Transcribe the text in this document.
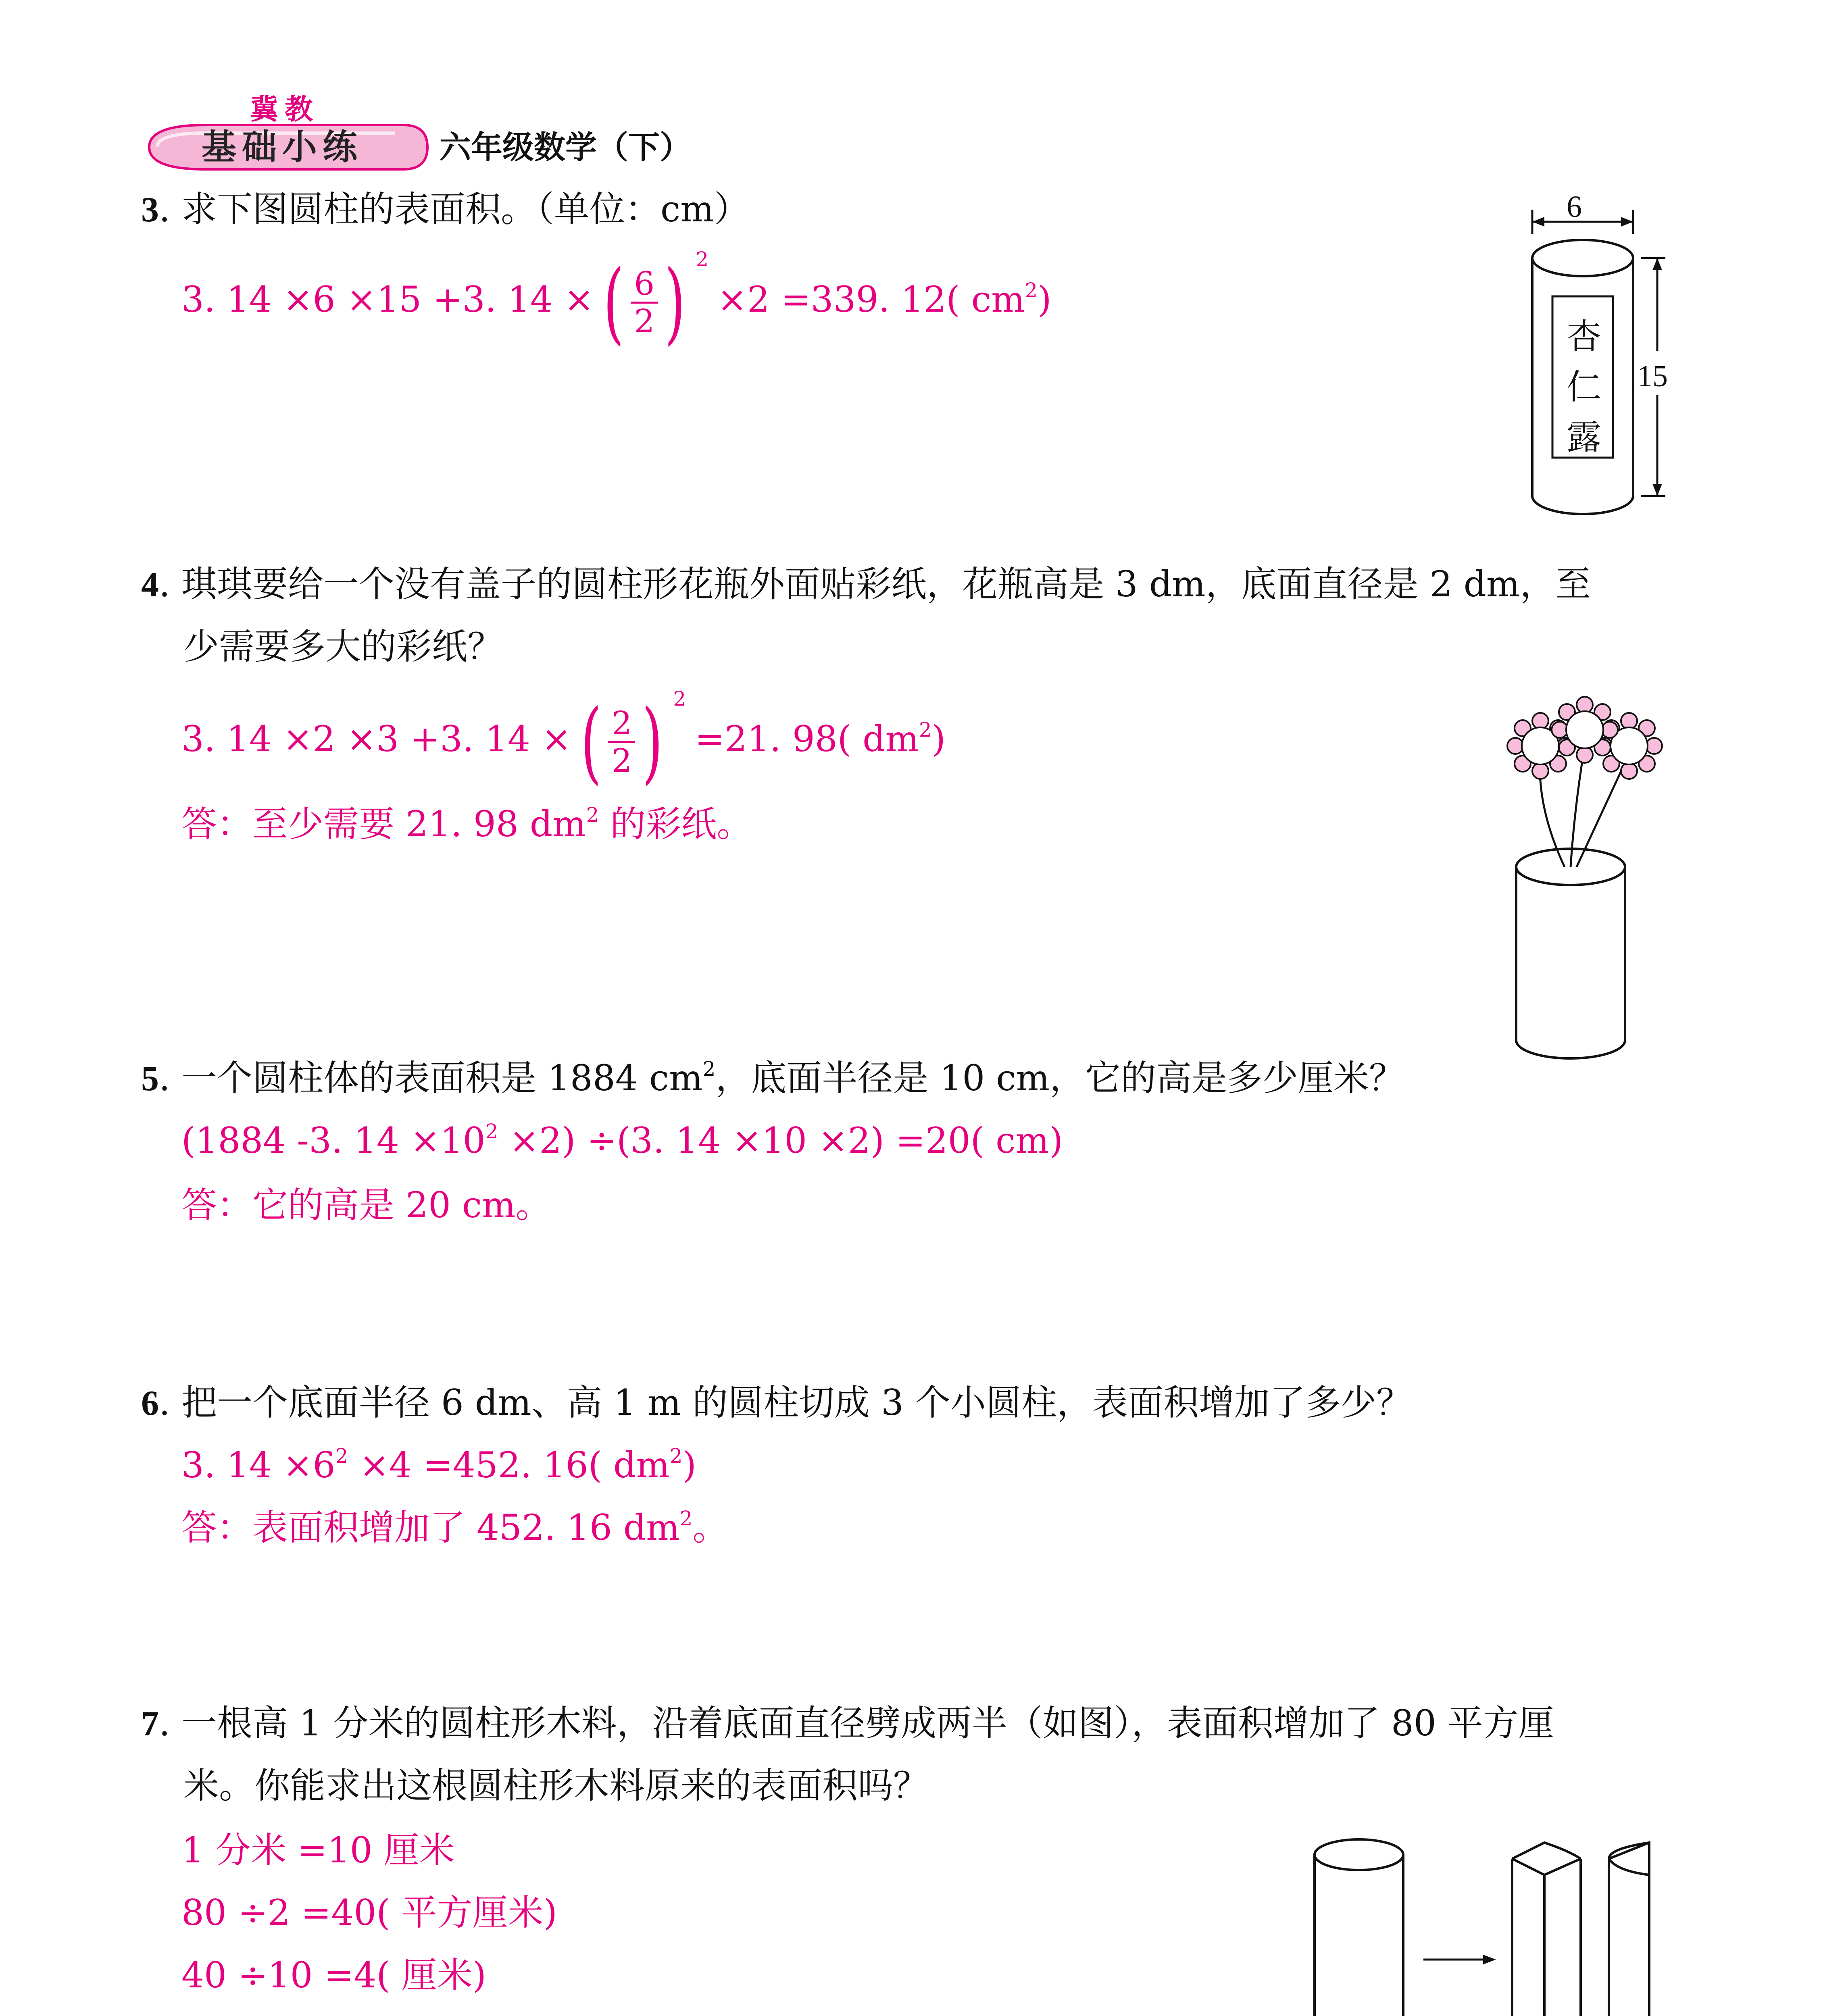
冀教
基础小练 六年级数学（下）
3. 求下图圆柱的表面积。（单位：cm）
3. 14 ×6 ×15 +3. 14 × ( $\frac{6}{2}$ ) 2
×2 =339. 12( $cm^2$)
6
15
杏
仁
露
4. 琪琪要给一个没有盖子的圆柱形花瓶外面贴彩纸，花瓶高是 3 dm，底面直径是 2 dm，至
少需要多大的彩纸？
3. 14 ×2 ×3 +3. 14 × ( $\frac{2}{2}$ ) 2
=21. 98( $dm^2$)
答：至少需要 21. 98 $dm^2$ 的彩纸。
5. 一个圆柱体的表面积是 1884 $cm^2$，底面半径是 10 cm，它的高是多少厘米？
(1884 -3. $14 \times 10^2 \times 2) \div(3$. 14 ×10 ×2) =20( cm)
答：它的高是 20 cm。
6. 把一个底面半径 6 dm、高 1 m 的圆柱切成 3 个小圆柱，表面积增加了多少？
3. $14 \times 6^2 \times 4 =452$. 16( $dm^2$)
答：表面积增加了 452. 16 $dm^2$。
7. 一根高 1 分米的圆柱形木料，沿着底面直径劈成两半（如图），表面积增加了 80 平方厘
米。你能求出这根圆柱形木料原来的表面积吗？
1 分米 =10 厘米
80 ÷2 =40( 平方厘米)
40 ÷10 =4( 厘米)
